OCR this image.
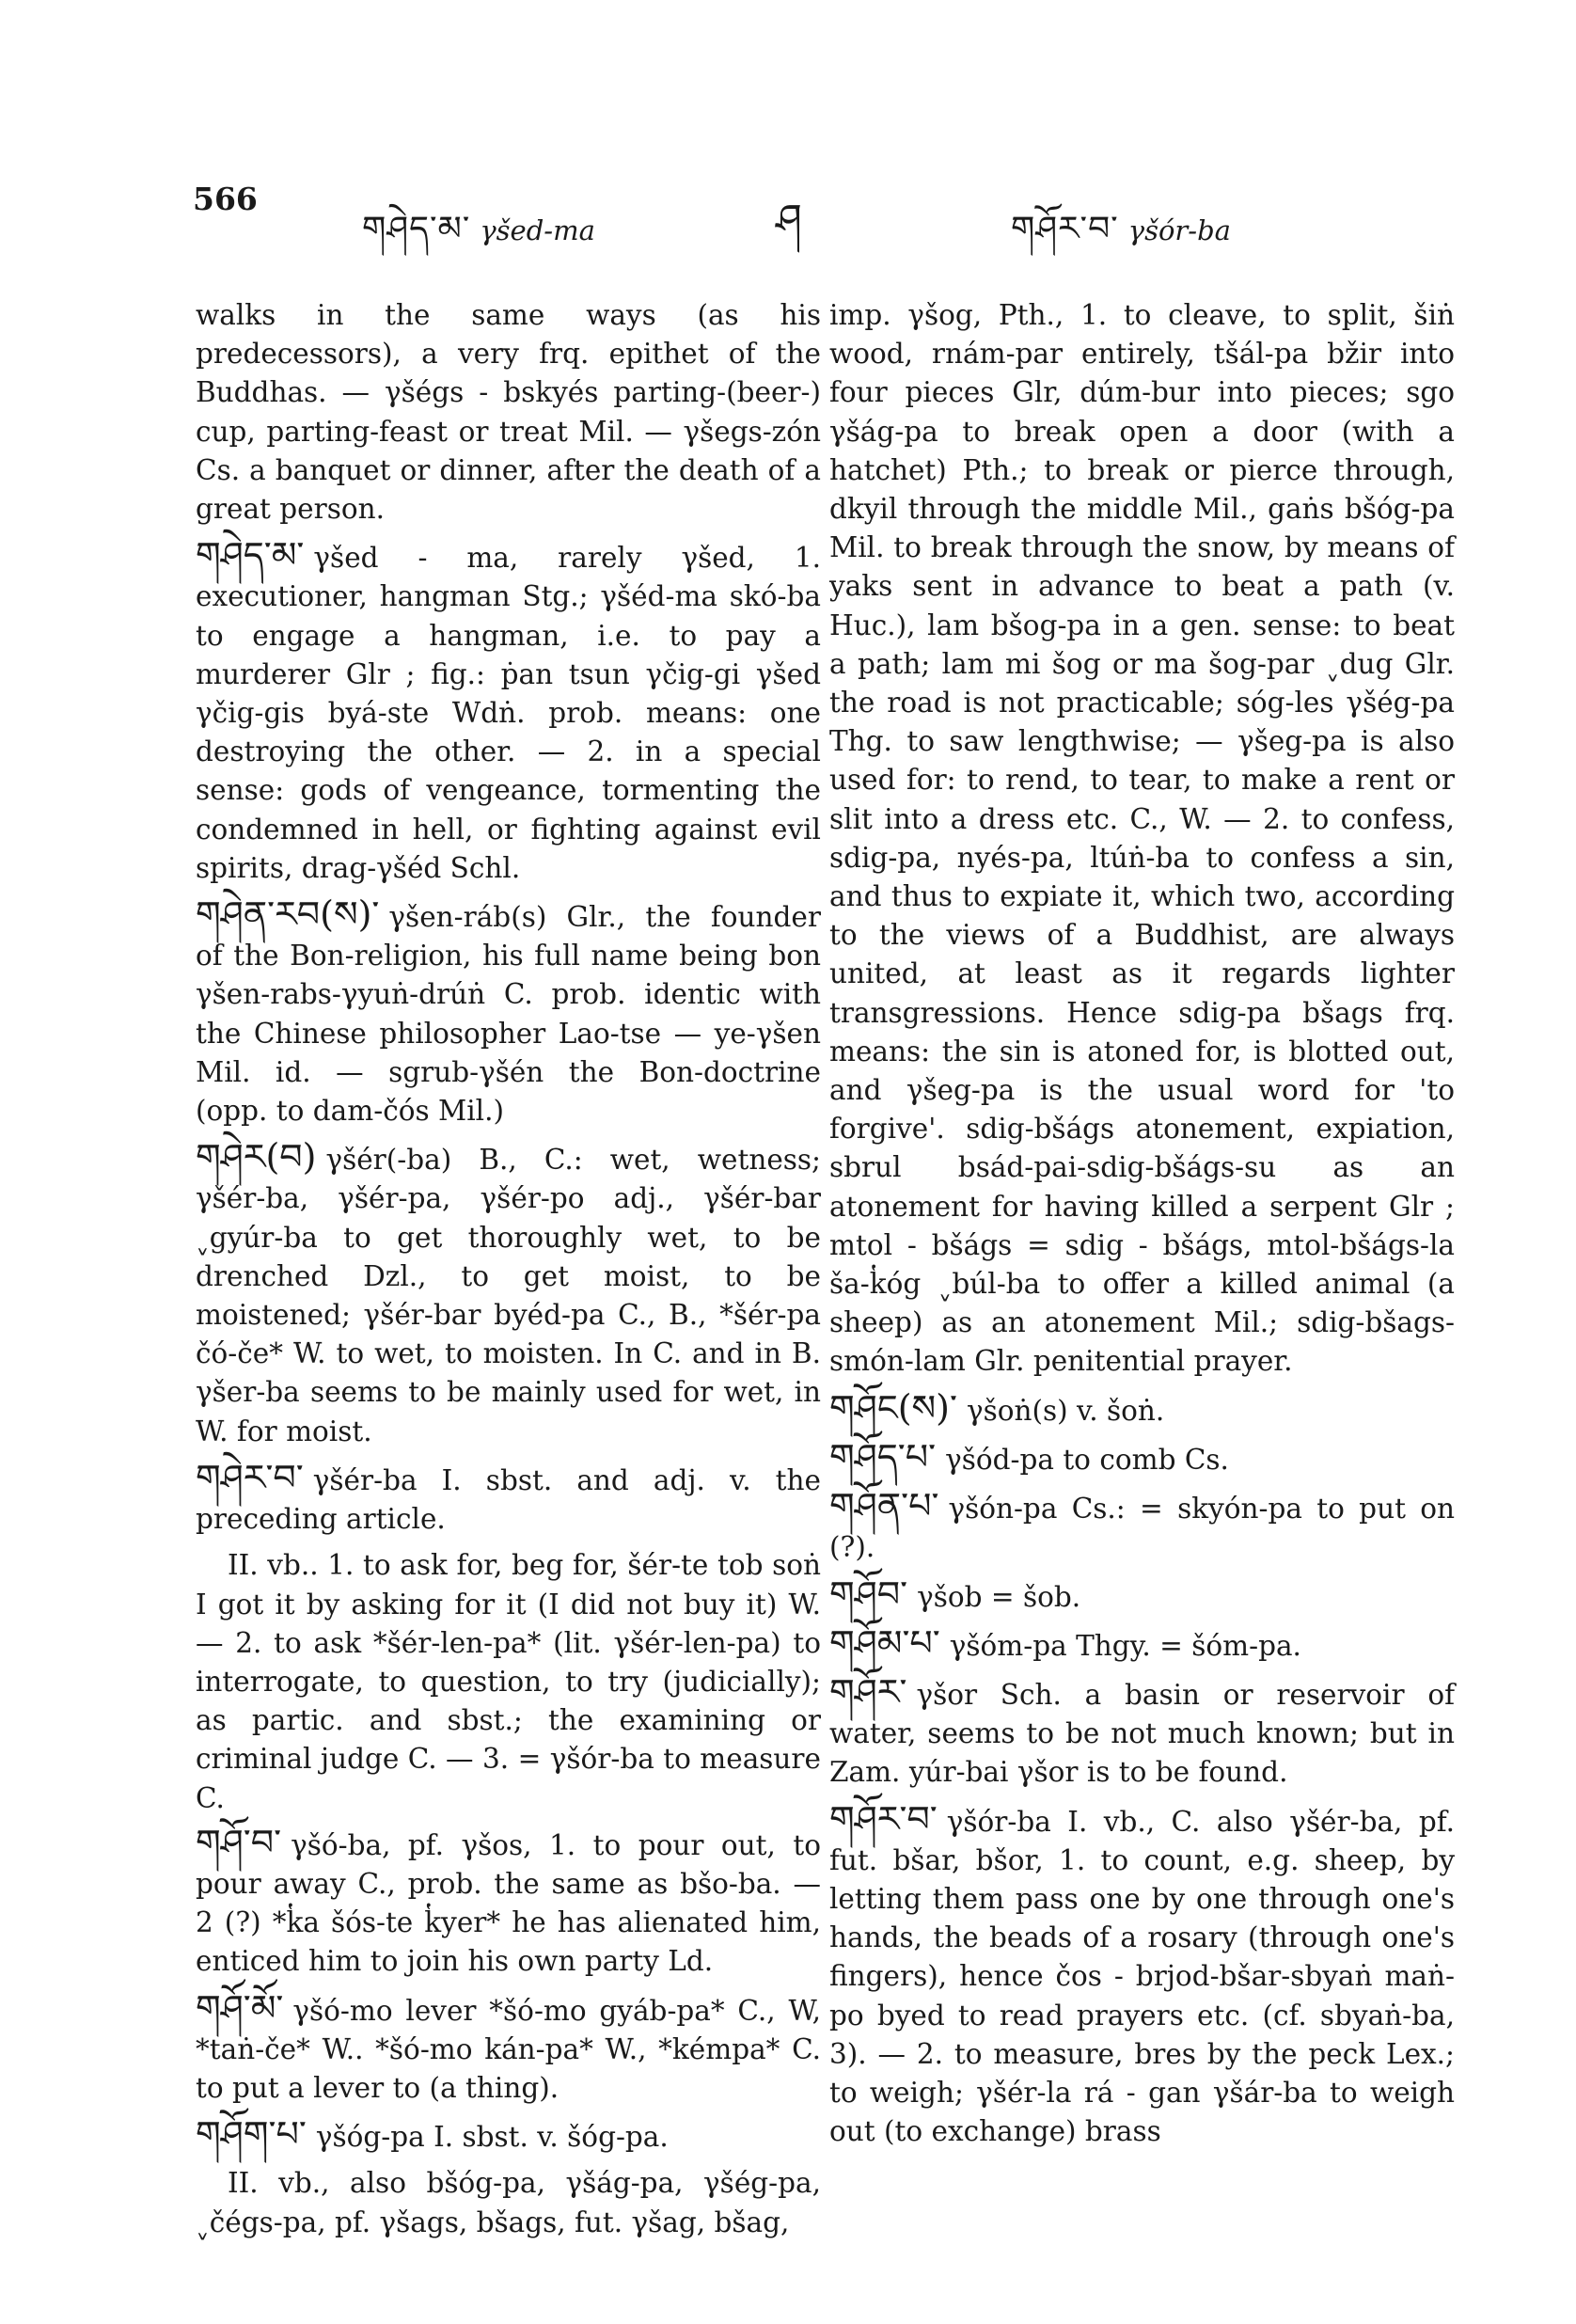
566
གཤེད་མ་ γšed-ma	ཤ	གཤོར་བ་ γšór-ba

walks in the same ways (as his predecessors), a very frq. epithet of the Buddhas. — γšégs - bskyés parting-(beer-) cup, parting-feast or treat Mil. — γšegs-zón Cs. a banquet or dinner, after the death of a great person.

གཤེད་མ་ γšed - ma, rarely γšed, 1. executioner, hangman Stg.; γšéd-ma skó-ba to engage a hangman, i.e. to pay a murderer Glr ; fig.: ṗan tsun γčig-gi γšed γčig-gis byá-ste Wdṅ. prob. means: one destroying the other. — 2. in a special sense: gods of vengeance, tormenting the condemned in hell, or fighting against evil spirits, drag-γšéd Schl.

གཤེན་རབ(ས)་ γšen-ráb(s) Glr., the founder of the Bon-religion, his full name being bon γšen-rabs-γyuṅ-drúṅ C. prob. identic with the Chinese philosopher Lao-tse — ye-γšen Mil. id. — sgrub-γšén the Bon-doctrine (opp. to dam-čós Mil.)

གཤེར(བ) γšér(-ba) B., C.: wet, wetness; γšér-ba, γšér-pa, γšér-po adj., γšér-bar ˬgyúr-ba to get thoroughly wet, to be drenched Dzl., to get moist, to be moistened; γšér-bar byéd-pa C., B., *šér-pa čó-če* W. to wet, to moisten. In C. and in B. γšer-ba seems to be mainly used for wet, in W. for moist.

གཤེར་བ་ γšér-ba I. sbst. and adj. v. the preceding article.

II. vb.. 1. to ask for, beg for, šér-te tob soṅ I got it by asking for it (I did not buy it) W. — 2. to ask *šér-len-pa* (lit. γšér-len-pa) to interrogate, to question, to try (judicially); as partic. and sbst.; the examining or criminal judge C. — 3. = γšór-ba to measure C.

གཤོ་བ་ γšó-ba, pf. γšos, 1. to pour out, to pour away C., prob. the same as bšo-ba. — 2 (?) *k̔a šós-te k̔yer* he has alienated him, enticed him to join his own party Ld.

གཤོ་མོ་ γšó-mo lever *šó-mo gyáb-pa* C., W, *taṅ-če* W.. *šó-mo kán-pa* W., *kémpa* C. to put a lever to (a thing).

གཤོག་པ་ γšóg-pa I. sbst. v. šóg-pa.

II. vb., also bšóg-pa, γšág-pa, γšég-pa, ˬčégs-pa, pf. γšags, bšags, fut. γšag, bšag,

imp. γšog, Pth., 1. to cleave, to split, šiṅ wood, rnám-par entirely, tšál-pa bžir into four pieces Glr, dúm-bur into pieces; sgo γšág-pa to break open a door (with a hatchet) Pth.; to break or pierce through, dkyil through the middle Mil., gaṅs bšóg-pa Mil. to break through the snow, by means of yaks sent in advance to beat a path (v. Huc.), lam bšog-pa in a gen. sense: to beat a path; lam mi šog or ma šog-par ˬdug Glr. the road is not practicable; sóg-les γšég-pa Thg. to saw lengthwise; — γšeg-pa is also used for: to rend, to tear, to make a rent or slit into a dress etc. C., W. — 2. to confess, sdig-pa, nyés-pa, ltúṅ-ba to confess a sin, and thus to expiate it, which two, according to the views of a Buddhist, are always united, at least as it regards lighter transgressions. Hence sdig-pa bšags frq. means: the sin is atoned for, is blotted out, and γšeg-pa is the usual word for 'to forgive'. sdig-bšágs atonement, expiation, sbrul bsád-pai-sdig-bšágs-su as an atonement for having killed a serpent Glr ; mtol - bšágs = sdig - bšágs, mtol-bšágs-la ša-k̔óg ˬbúl-ba to offer a killed animal (a sheep) as an atonement Mil.; sdig-bšags-smón-lam Glr. penitential prayer.

གཤོང(ས)་ γšoṅ(s) v. šoṅ.

གཤོད་པ་ γšód-pa to comb Cs.

གཤོན་པ་ γšón-pa Cs.: = skyón-pa to put on (?).

གཤོབ་ γšob = šob.

གཤོམ་པ་ γšóm-pa Thgy. = šóm-pa.

གཤོར་ γšor Sch. a basin or reservoir of water, seems to be not much known; but in Zam. yúr-bai γšor is to be found.

གཤོར་བ་ γšór-ba I. vb., C. also γšér-ba, pf. fut. bšar, bšor, 1. to count, e.g. sheep, by letting them pass one by one through one's hands, the beads of a rosary (through one's fingers), hence čos - brjod-bšar-sbyaṅ maṅ-po byed to read prayers etc. (cf. sbyaṅ-ba, 3). — 2. to measure, bres by the peck Lex.; to weigh; γšér-la rá - gan γšár-ba to weigh out (to exchange) brass
